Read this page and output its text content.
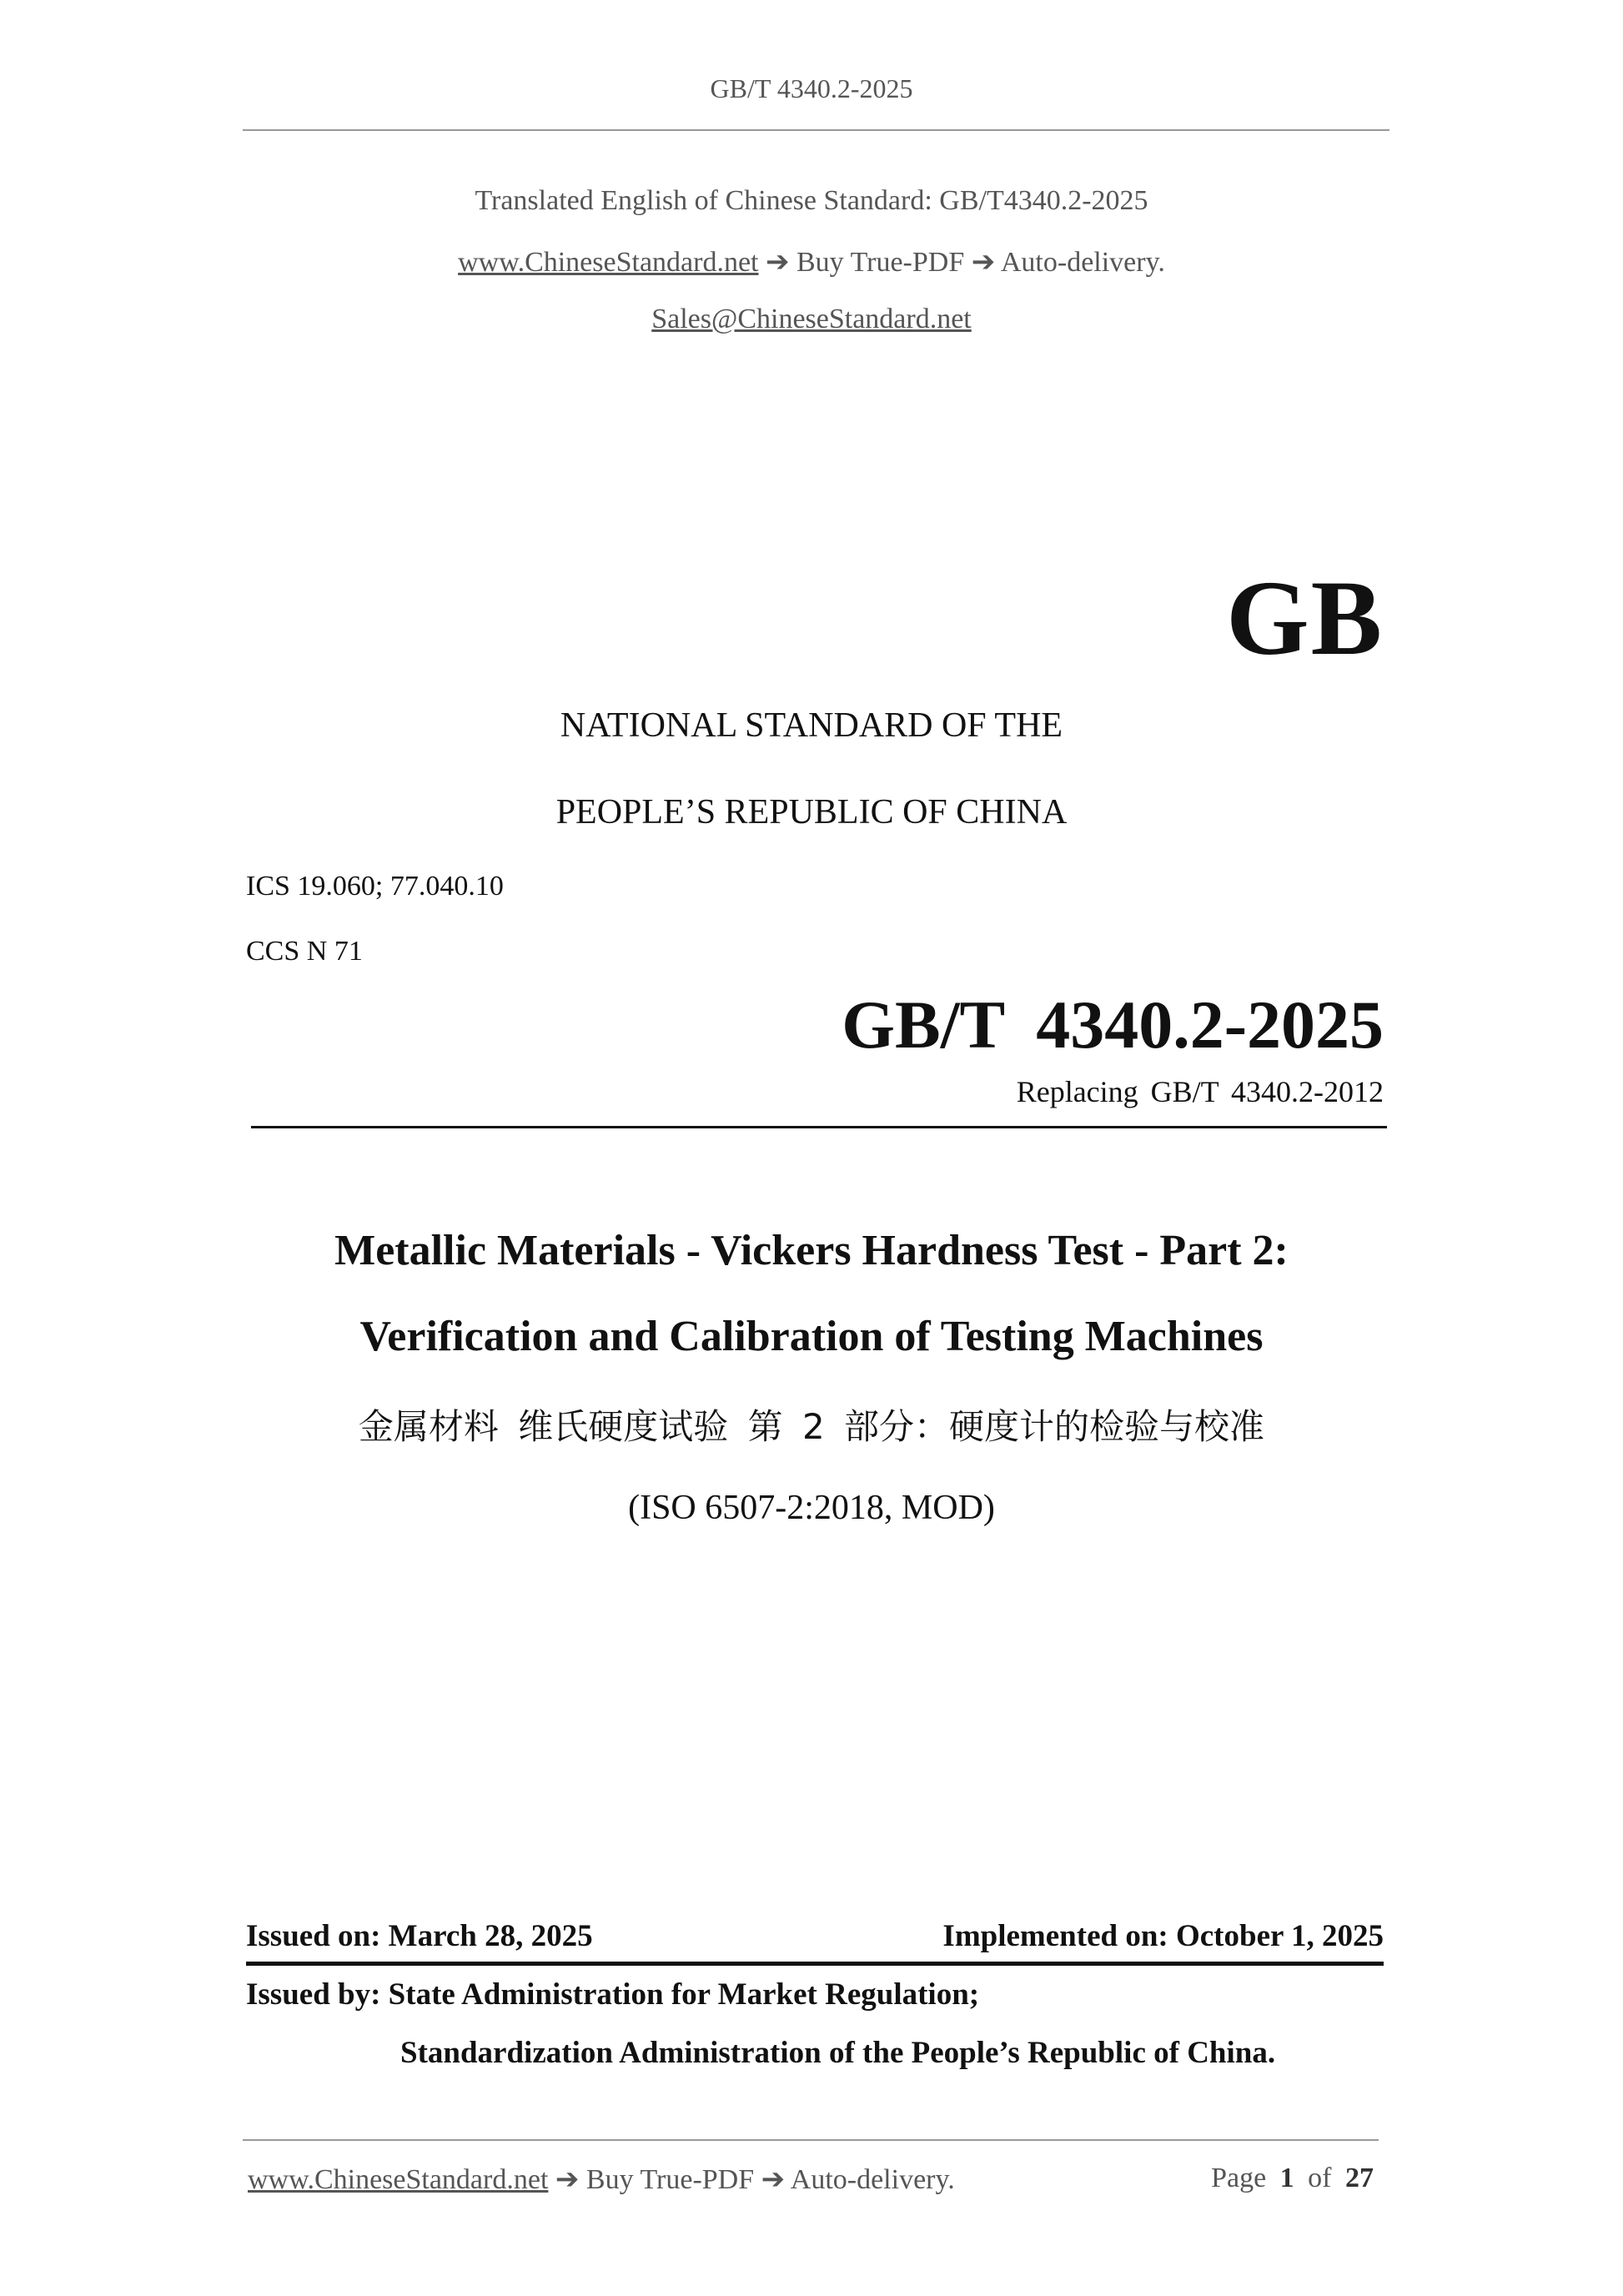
GB/T 4340.2-2025
Translated English of Chinese Standard: GB/T4340.2-2025
www.ChineseStandard.net ➔ Buy True-PDF ➔ Auto-delivery.
Sales@ChineseStandard.net
GB
NATIONAL STANDARD OF THE
PEOPLE’S REPUBLIC OF CHINA
ICS 19.060; 77.040.10
CCS N 71
GB/T 4340.2-2025
Replacing GB/T 4340.2-2012
Metallic Materials - Vickers Hardness Test - Part 2:
Verification and Calibration of Testing Machines
金属材料 维氏硬度试验 第 2 部分：硬度计的检验与校准
(ISO 6507-2:2018, MOD)
Issued on: March 28, 2025	Implemented on: October 1, 2025
Issued by: State Administration for Market Regulation;
Standardization Administration of the People’s Republic of China.
www.ChineseStandard.net ➔ Buy True-PDF ➔ Auto-delivery.	Page 1 of 27
